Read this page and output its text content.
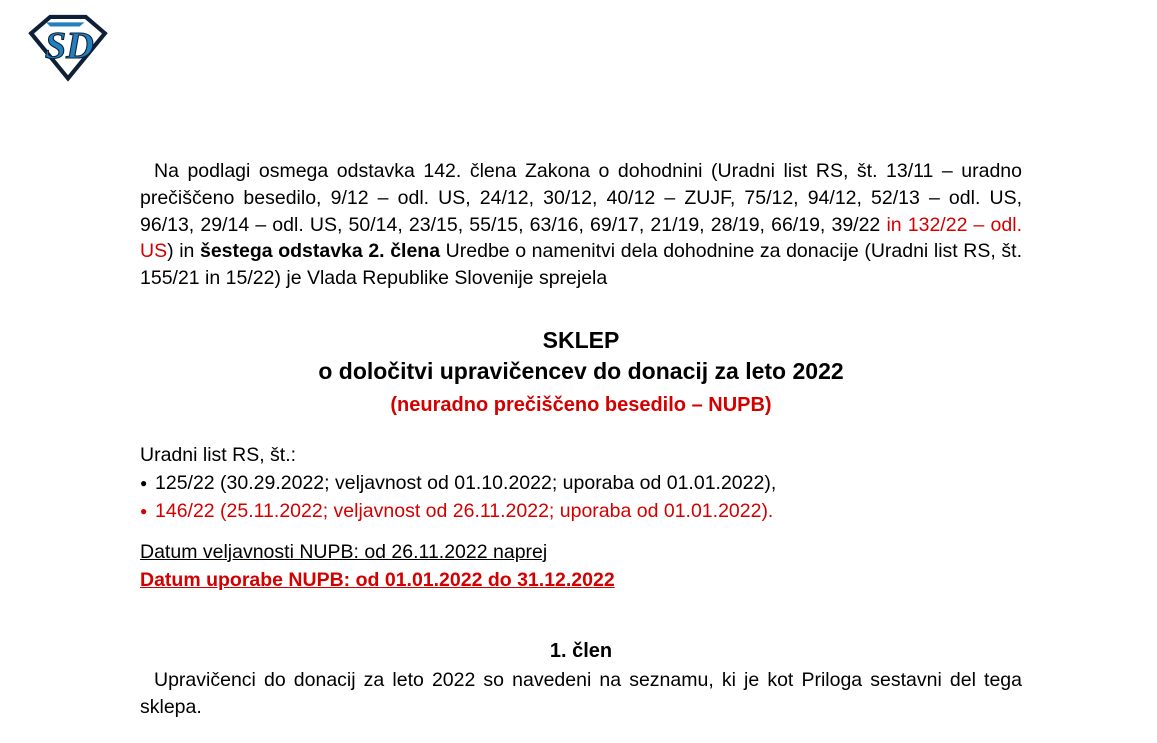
SD

Na podlagi osmega odstavka 142. člena Zakona o dohodnini (Uradni list RS, št. 13/11 – uradno prečiščeno besedilo, 9/12 – odl. US, 24/12, 30/12, 40/12 – ZUJF, 75/12, 94/12, 52/13 – odl. US, 96/13, 29/14 – odl. US, 50/14, 23/15, 55/15, 63/16, 69/17, 21/19, 28/19, 66/19, 39/22 in 132/22 – odl. US) in šestega odstavka 2. člena Uredbe o namenitvi dela dohodnine za donacije (Uradni list RS, št. 155/21 in 15/22) je Vlada Republike Slovenije sprejela

SKLEP
o določitvi upravičencev do donacij za leto 2022
(neuradno prečiščeno besedilo – NUPB)
Uradni list RS, št.:
● 125/22 (30.29.2022; veljavnost od 01.10.2022; uporaba od 01.01.2022),
● 146/22 (25.11.2022; veljavnost od 26.11.2022; uporaba od 01.01.2022).
Datum veljavnosti NUPB: od 26.11.2022 naprej
Datum uporabe NUPB: od 01.01.2022 do 31.12.2022
1. člen

Upravičenci do donacij za leto 2022 so navedeni na seznamu, ki je kot Priloga sestavni del tega sklepa.
